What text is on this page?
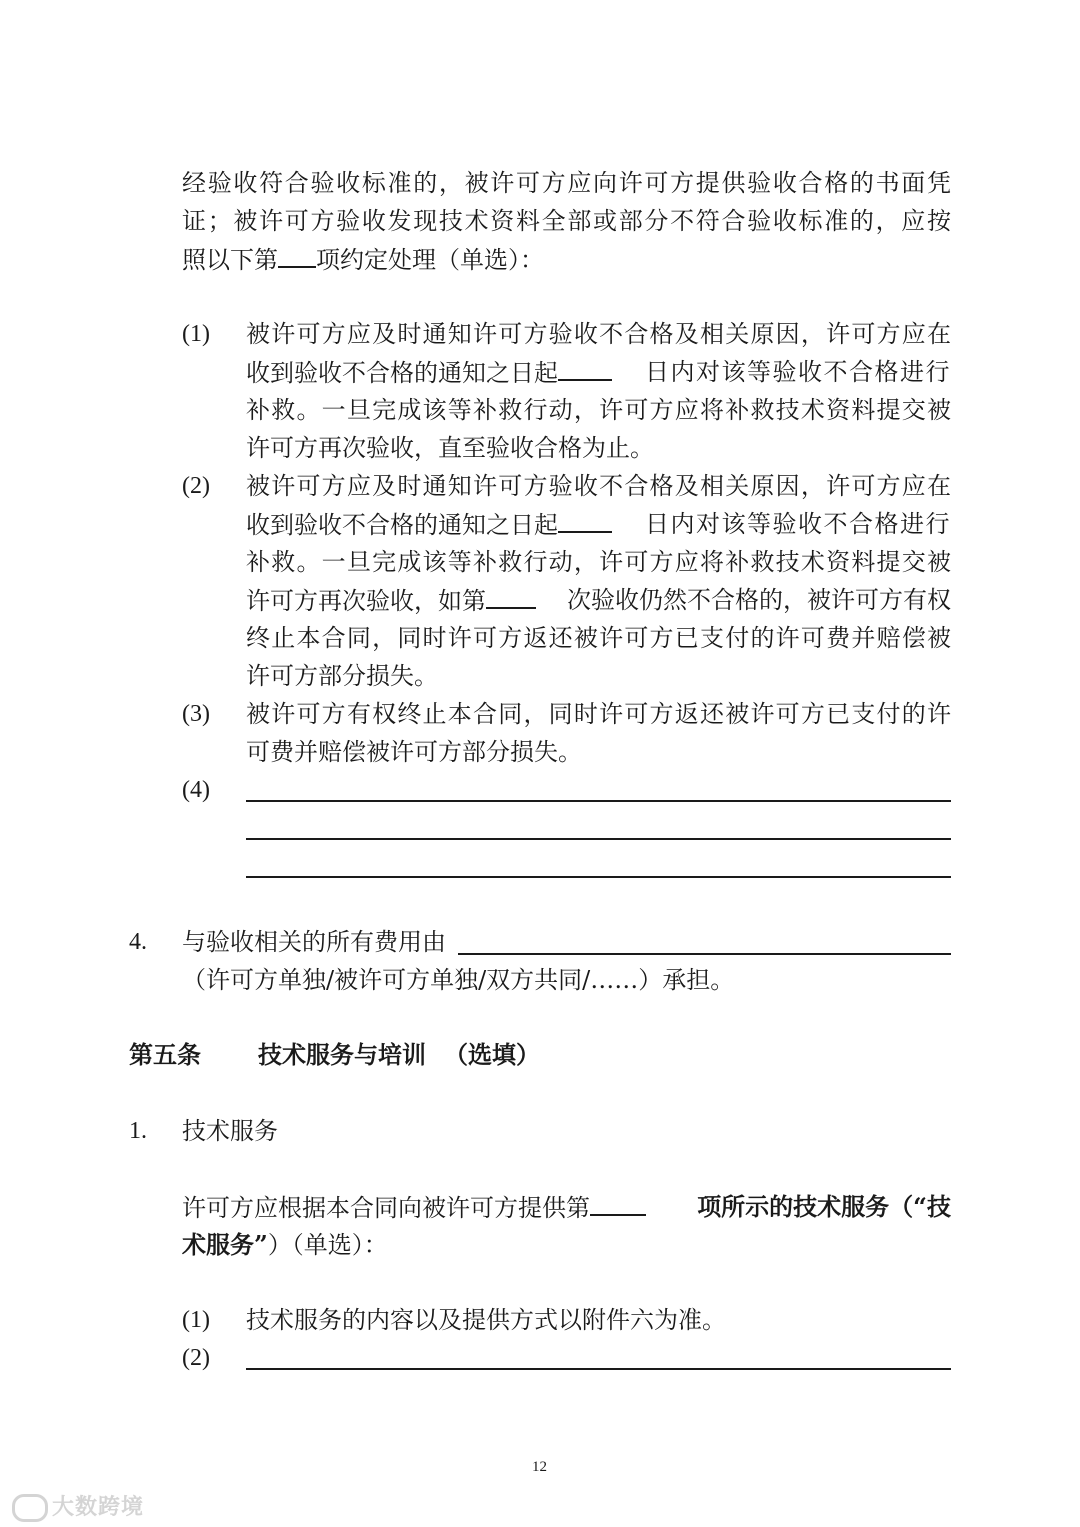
经验收符合验收标准的，被许可方应向许可方提供验收合格的书面凭
证；被许可方验收发现技术资料全部或部分不符合验收标准的，应按
照以下第 项约定处理（单选）：
(1) 被许可方应及时通知许可方验收不合格及相关原因，许可方应在
收到验收不合格的通知之日起	日内对该等验收不合格进行
补救。一旦完成该等补救行动，许可方应将补救技术资料提交被
许可方再次验收，直至验收合格为止。
(2) 被许可方应及时通知许可方验收不合格及相关原因，许可方应在
收到验收不合格的通知之日起	日内对该等验收不合格进行
补救。一旦完成该等补救行动，许可方应将补救技术资料提交被
许可方再次验收，如第	次验收仍然不合格的，被许可方有权
终止本合同，同时许可方返还被许可方已支付的许可费并赔偿被
许可方部分损失。
(3) 被许可方有权终止本合同，同时许可方返还被许可方已支付的许
可费并赔偿被许可方部分损失。
(4)
4. 与验收相关的所有费用由
（许可方单独/被许可方单独/双方共同/……）承担。
第五条 技术服务与培训 （选填）
1. 技术服务
许可方应根据本合同向被许可方提供第	项所示的技术服务（“技
术服务”）（单选）：
(1) 技术服务的内容以及提供方式以附件六为准。
(2)
12
大数跨境
